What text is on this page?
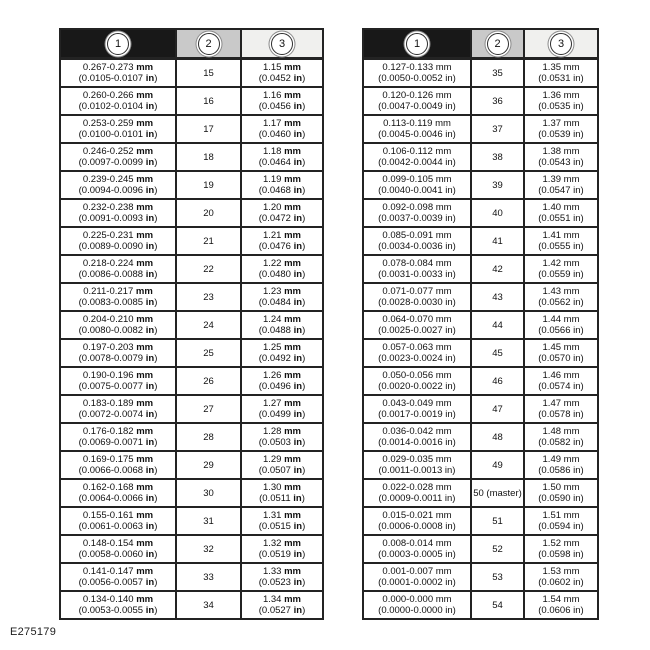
1	2	3

0.267-0.273 mm
(0.0105-0.0107 in)	15	1.15 mm
(0.0452 in)

0.260-0.266 mm
(0.0102-0.0104 in)	16	1.16 mm
(0.0456 in)

0.253-0.259 mm
(0.0100-0.0101 in)	17	1.17 mm
(0.0460 in)

0.246-0.252 mm
(0.0097-0.0099 in)	18	1.18 mm
(0.0464 in)

0.239-0.245 mm
(0.0094-0.0096 in)	19	1.19 mm
(0.0468 in)

0.232-0.238 mm
(0.0091-0.0093 in)	20	1.20 mm
(0.0472 in)

0.225-0.231 mm
(0.0089-0.0090 in)	21	1.21 mm
(0.0476 in)

0.218-0.224 mm
(0.0086-0.0088 in)	22	1.22 mm
(0.0480 in)

0.211-0.217 mm
(0.0083-0.0085 in)	23	1.23 mm
(0.0484 in)

0.204-0.210 mm
(0.0080-0.0082 in)	24	1.24 mm
(0.0488 in)

0.197-0.203 mm
(0.0078-0.0079 in)	25	1.25 mm
(0.0492 in)

0.190-0.196 mm
(0.0075-0.0077 in)	26	1.26 mm
(0.0496 in)

0.183-0.189 mm
(0.0072-0.0074 in)	27	1.27 mm
(0.0499 in)

0.176-0.182 mm
(0.0069-0.0071 in)	28	1.28 mm
(0.0503 in)

0.169-0.175 mm
(0.0066-0.0068 in)	29	1.29 mm
(0.0507 in)

0.162-0.168 mm
(0.0064-0.0066 in)	30	1.30 mm
(0.0511 in)

0.155-0.161 mm
(0.0061-0.0063 in)	31	1.31 mm
(0.0515 in)

0.148-0.154 mm
(0.0058-0.0060 in)	32	1.32 mm
(0.0519 in)

0.141-0.147 mm
(0.0056-0.0057 in)	33	1.33 mm
(0.0523 in)

0.134-0.140 mm
(0.0053-0.0055 in)	34	1.34 mm
(0.0527 in)
1	2	3

0.127-0.133 mm
(0.0050-0.0052 in)	35	1.35 mm
(0.0531 in)

0.120-0.126 mm
(0.0047-0.0049 in)	36	1.36 mm
(0.0535 in)

0.113-0.119 mm
(0.0045-0.0046 in)	37	1.37 mm
(0.0539 in)

0.106-0.112 mm
(0.0042-0.0044 in)	38	1.38 mm
(0.0543 in)

0.099-0.105 mm
(0.0040-0.0041 in)	39	1.39 mm
(0.0547 in)

0.092-0.098 mm
(0.0037-0.0039 in)	40	1.40 mm
(0.0551 in)

0.085-0.091 mm
(0.0034-0.0036 in)	41	1.41 mm
(0.0555 in)

0.078-0.084 mm
(0.0031-0.0033 in)	42	1.42 mm
(0.0559 in)

0.071-0.077 mm
(0.0028-0.0030 in)	43	1.43 mm
(0.0562 in)

0.064-0.070 mm
(0.0025-0.0027 in)	44	1.44 mm
(0.0566 in)

0.057-0.063 mm
(0.0023-0.0024 in)	45	1.45 mm
(0.0570 in)

0.050-0.056 mm
(0.0020-0.0022 in)	46	1.46 mm
(0.0574 in)

0.043-0.049 mm
(0.0017-0.0019 in)	47	1.47 mm
(0.0578 in)

0.036-0.042 mm
(0.0014-0.0016 in)	48	1.48 mm
(0.0582 in)

0.029-0.035 mm
(0.0011-0.0013 in)	49	1.49 mm
(0.0586 in)

0.022-0.028 mm
(0.0009-0.0011 in)	50 (master)	1.50 mm
(0.0590 in)

0.015-0.021 mm
(0.0006-0.0008 in)	51	1.51 mm
(0.0594 in)

0.008-0.014 mm
(0.0003-0.0005 in)	52	1.52 mm
(0.0598 in)

0.001-0.007 mm
(0.0001-0.0002 in)	53	1.53 mm
(0.0602 in)

0.000-0.000 mm
(0.0000-0.0000 in)	54	1.54 mm
(0.0606 in)
E275179
